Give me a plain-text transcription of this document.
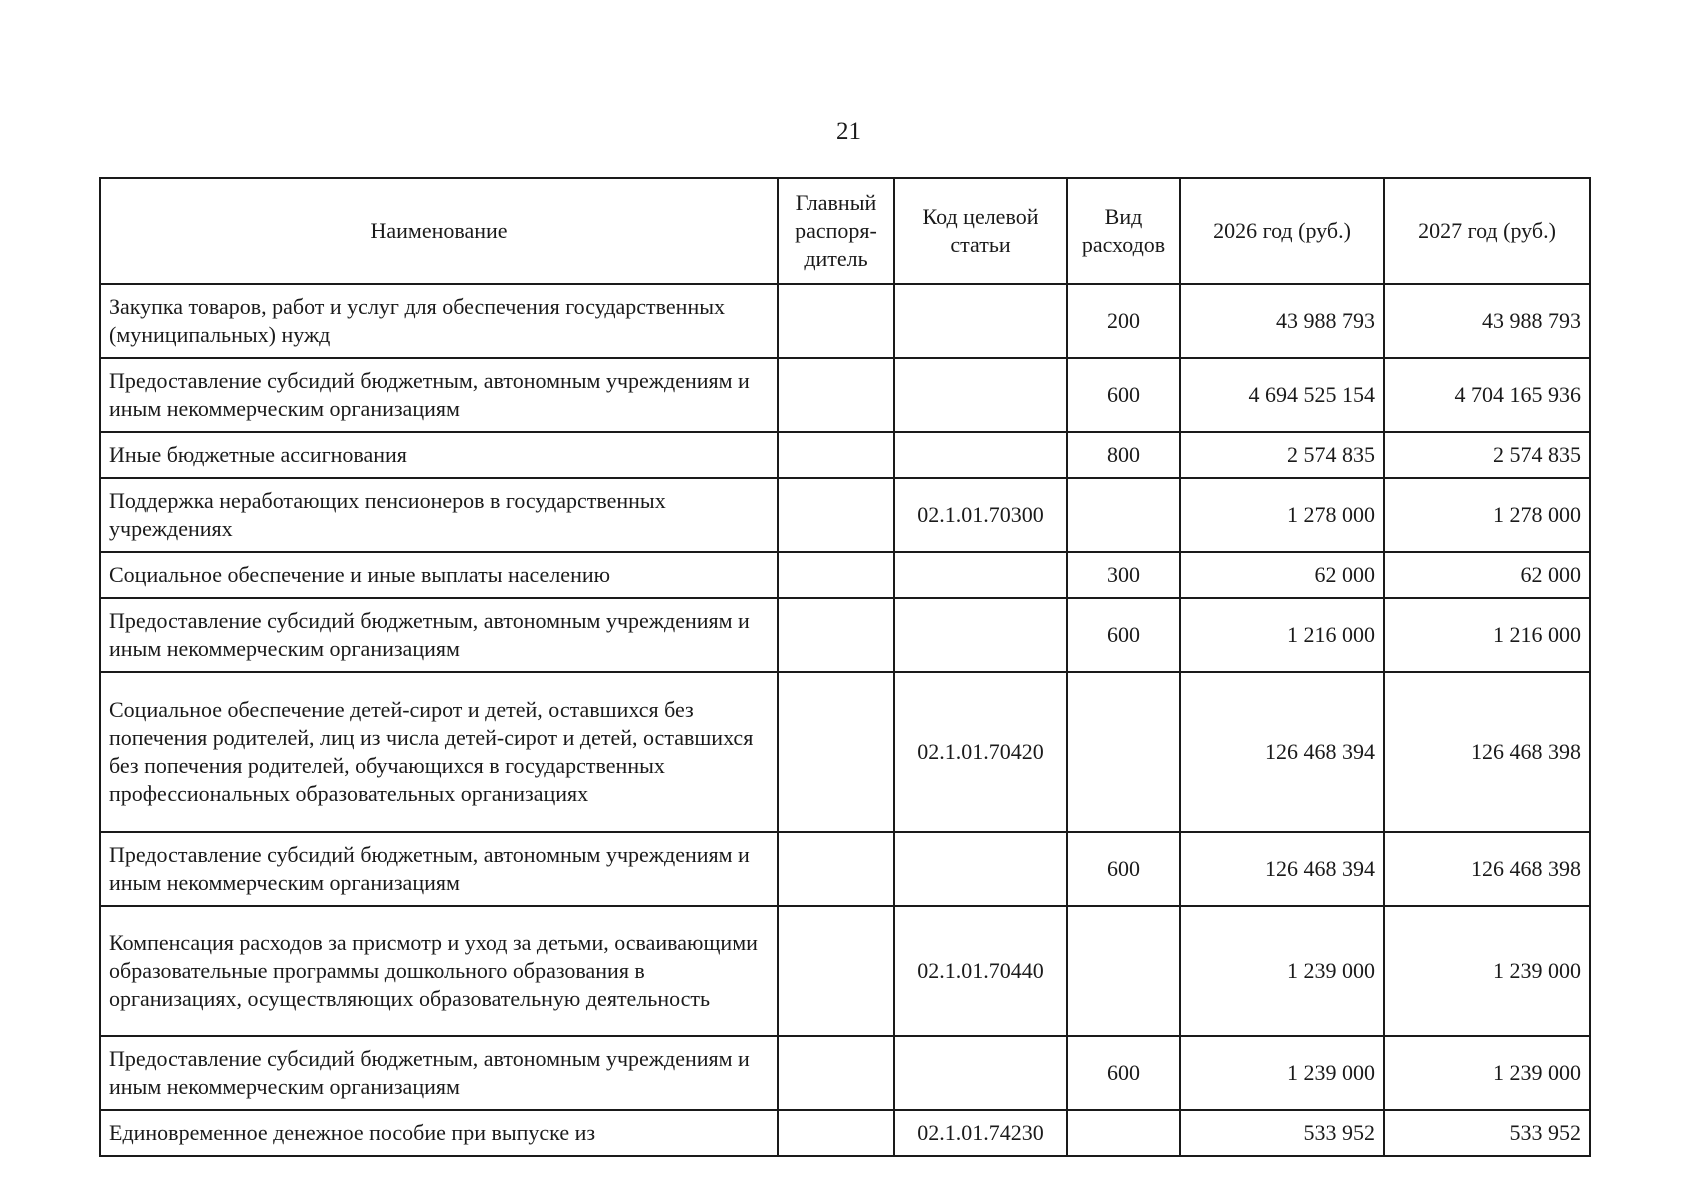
21
Наименование	Главный распоря-дитель	Код целевой статьи	Вид расходов	2026 год (руб.)	2027 год (руб.)
Закупка товаров, работ и услуг для обеспечения государственных (муниципальных) нужд			200	43 988 793	43 988 793
Предоставление субсидий бюджетным, автономным учреждениям и иным некоммерческим организациям			600	4 694 525 154	4 704 165 936
Иные бюджетные ассигнования			800	2 574 835	2 574 835
Поддержка неработающих пенсионеров в государственных учреждениях		02.1.01.70300		1 278 000	1 278 000
Социальное обеспечение и иные выплаты населению			300	62 000	62 000
Предоставление субсидий бюджетным, автономным учреждениям и иным некоммерческим организациям			600	1 216 000	1 216 000
Социальное обеспечение детей-сирот и детей, оставшихся без попечения родителей, лиц из числа детей-сирот и детей, оставшихся без попечения родителей, обучающихся в государственных профессиональных образовательных организациях		02.1.01.70420		126 468 394	126 468 398
Предоставление субсидий бюджетным, автономным учреждениям и иным некоммерческим организациям			600	126 468 394	126 468 398
Компенсация расходов за присмотр и уход за детьми, осваивающими образовательные программы дошкольного образования в организациях, осуществляющих образовательную деятельность		02.1.01.70440		1 239 000	1 239 000
Предоставление субсидий бюджетным, автономным учреждениям и иным некоммерческим организациям			600	1 239 000	1 239 000
Единовременное денежное пособие при выпуске из		02.1.01.74230		533 952	533 952
